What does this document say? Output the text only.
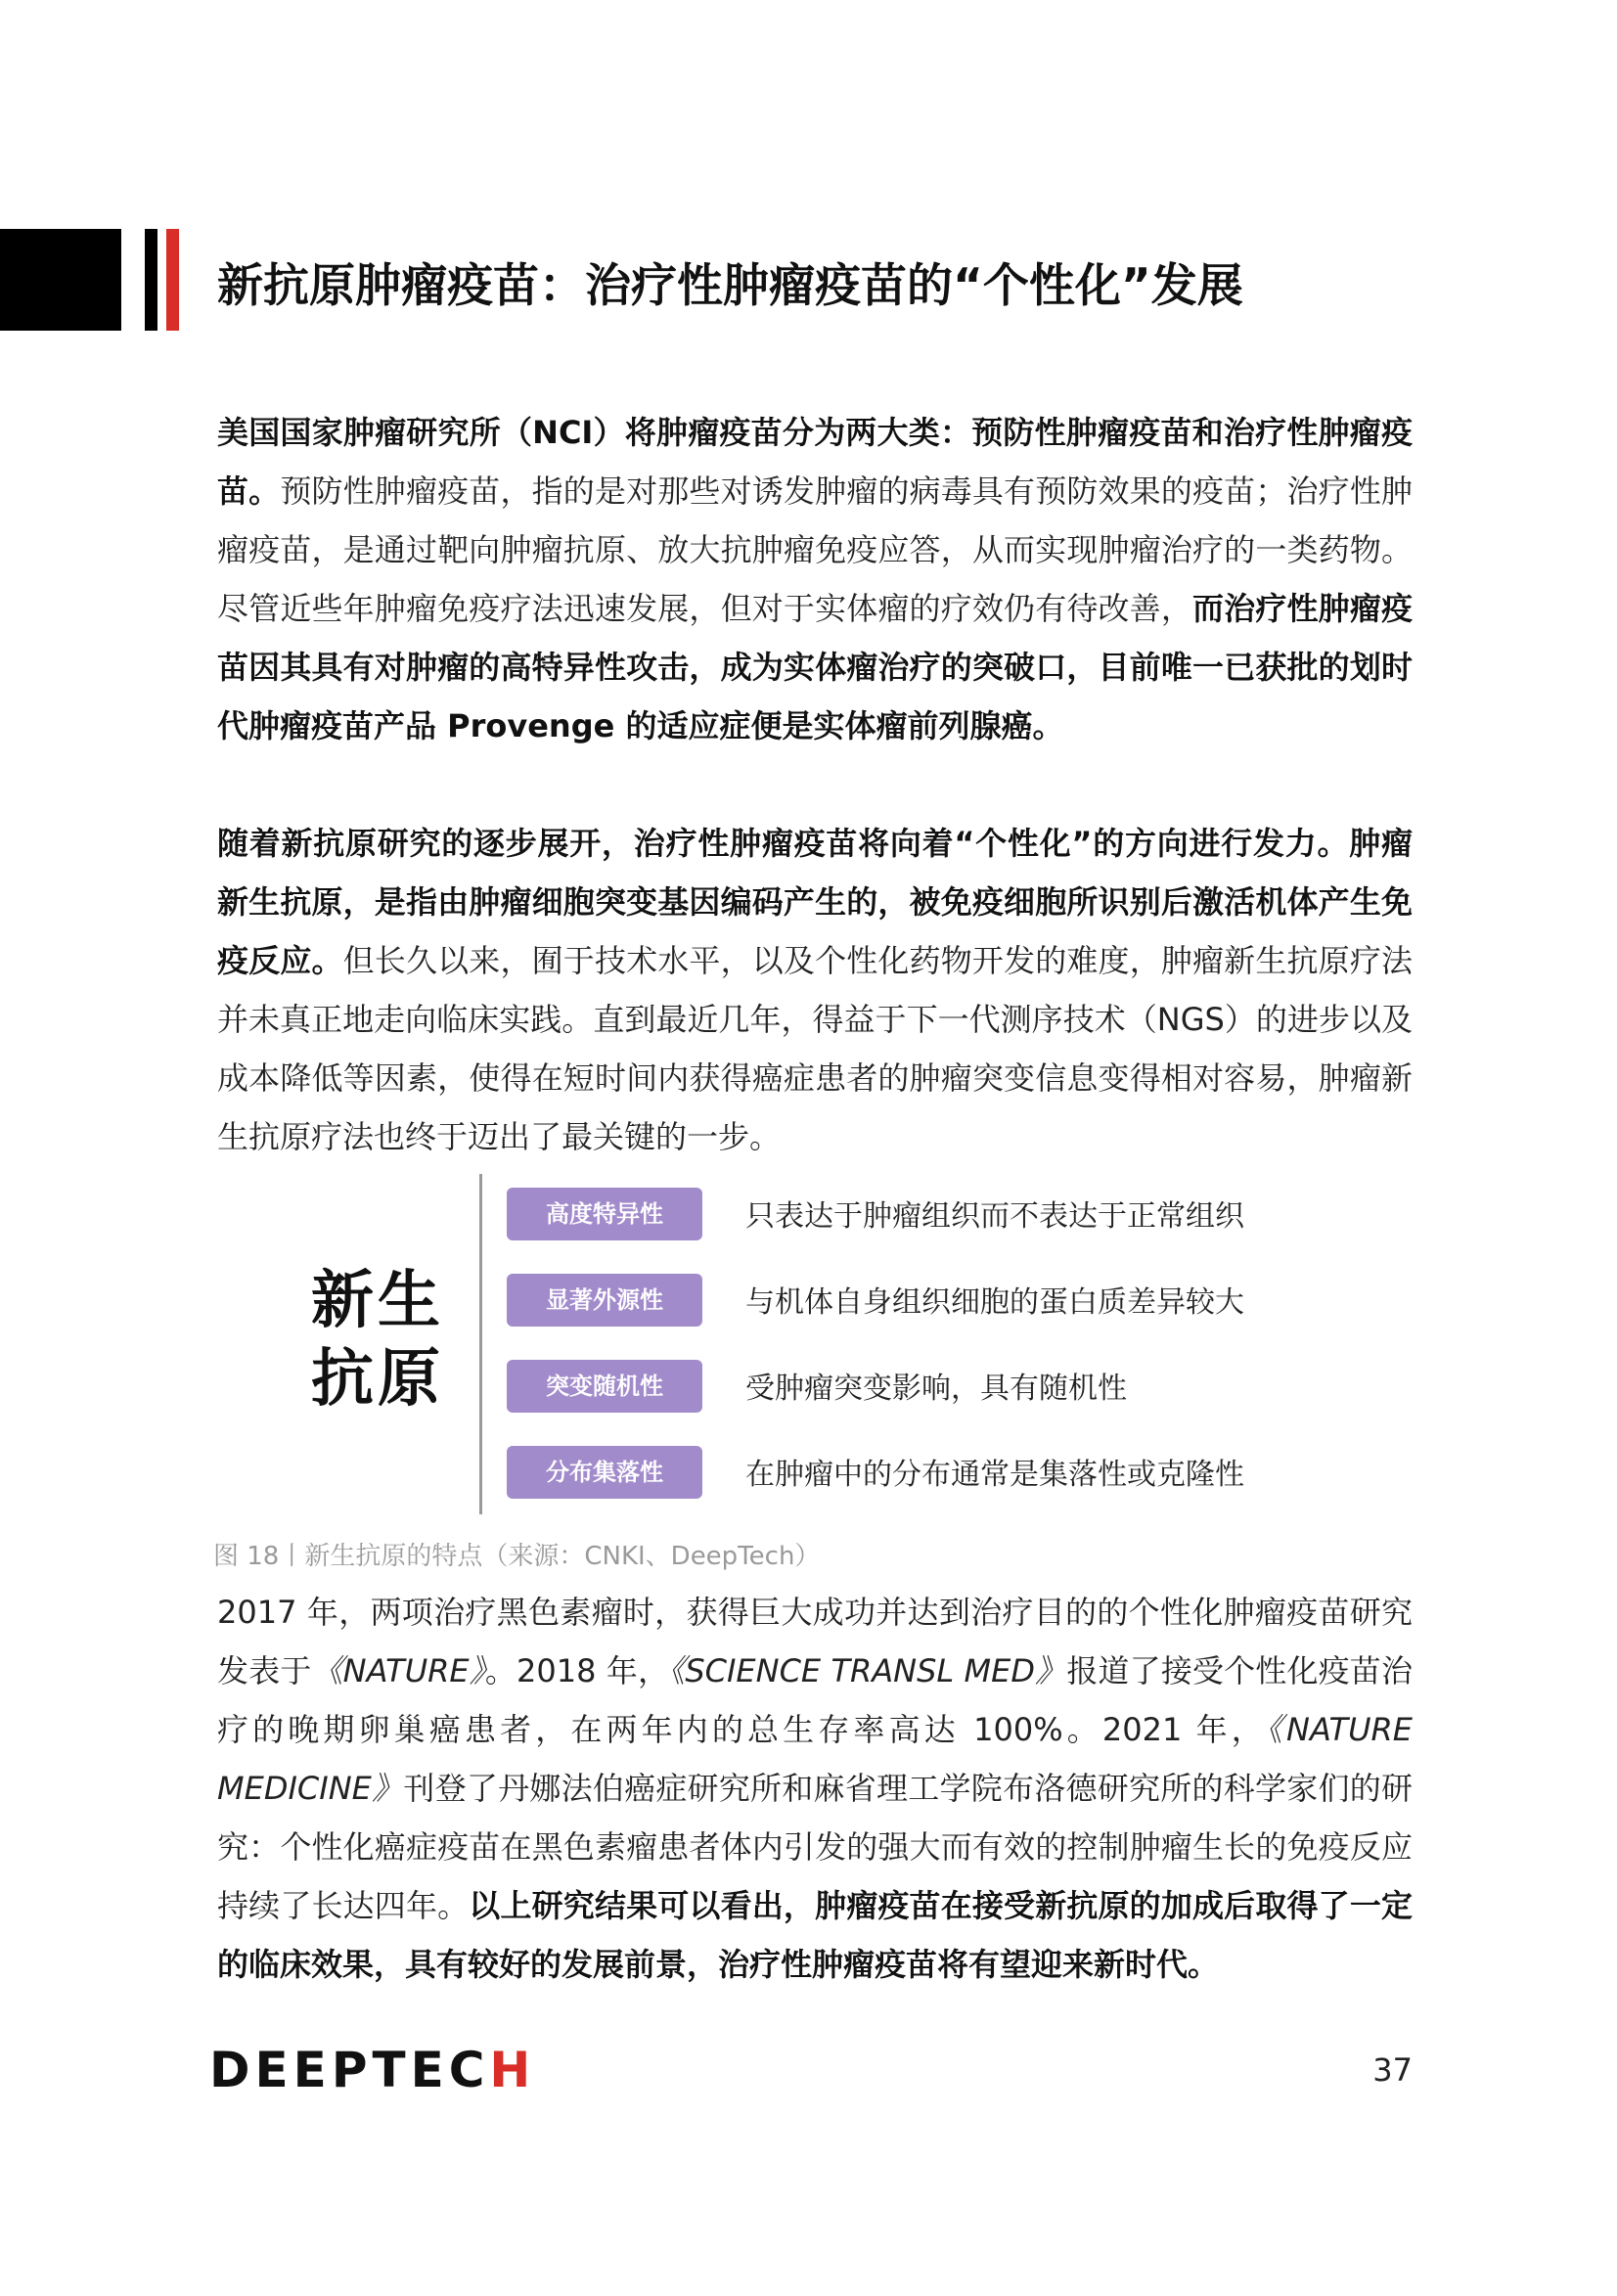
新抗原肿瘤疫苗：治疗性肿瘤疫苗的“个性化”发展

美国国家肿瘤研究所（NCI）将肿瘤疫苗分为两大类：预防性肿瘤疫苗和治疗性肿瘤疫苗。预防性肿瘤疫苗，指的是对那些对诱发肿瘤的病毒具有预防效果的疫苗；治疗性肿瘤疫苗，是通过靶向肿瘤抗原、放大抗肿瘤免疫应答，从而实现肿瘤治疗的一类药物。尽管近些年肿瘤免疫疗法迅速发展，但对于实体瘤的疗效仍有待改善，而治疗性肿瘤疫苗因其具有对肿瘤的高特异性攻击，成为实体瘤治疗的突破口，目前唯一已获批的划时代肿瘤疫苗产品 Provenge 的适应症便是实体瘤前列腺癌。

随着新抗原研究的逐步展开，治疗性肿瘤疫苗将向着“个性化”的方向进行发力。肿瘤新生抗原，是指由肿瘤细胞突变基因编码产生的，被免疫细胞所识别后激活机体产生免疫反应。但长久以来，囿于技术水平，以及个性化药物开发的难度，肿瘤新生抗原疗法并未真正地走向临床实践。直到最近几年，得益于下一代测序技术（NGS）的进步以及成本降低等因素，使得在短时间内获得癌症患者的肿瘤突变信息变得相对容易，肿瘤新生抗原疗法也终于迈出了最关键的一步。

新生
抗原
高度特异性	只表达于肿瘤组织而不表达于正常组织
显著外源性	与机体自身组织细胞的蛋白质差异较大
突变随机性	受肿瘤突变影响，具有随机性
分布集落性	在肿瘤中的分布通常是集落性或克隆性
图 18丨新生抗原的特点（来源：CNKI、DeepTech）

2017 年，两项治疗黑色素瘤时，获得巨大成功并达到治疗目的的个性化肿瘤疫苗研究发表于《NATURE》。2018 年，《SCIENCE TRANSL MED》报道了接受个性化疫苗治疗的晚期卵巢癌患者，在两年内的总生存率高达 100%。2021 年，《NATURE MEDICINE》刊登了丹娜法伯癌症研究所和麻省理工学院布洛德研究所的科学家们的研究：个性化癌症疫苗在黑色素瘤患者体内引发的强大而有效的控制肿瘤生长的免疫反应持续了长达四年。以上研究结果可以看出，肿瘤疫苗在接受新抗原的加成后取得了一定的临床效果，具有较好的发展前景，治疗性肿瘤疫苗将有望迎来新时代。

DEEPTECH	37
